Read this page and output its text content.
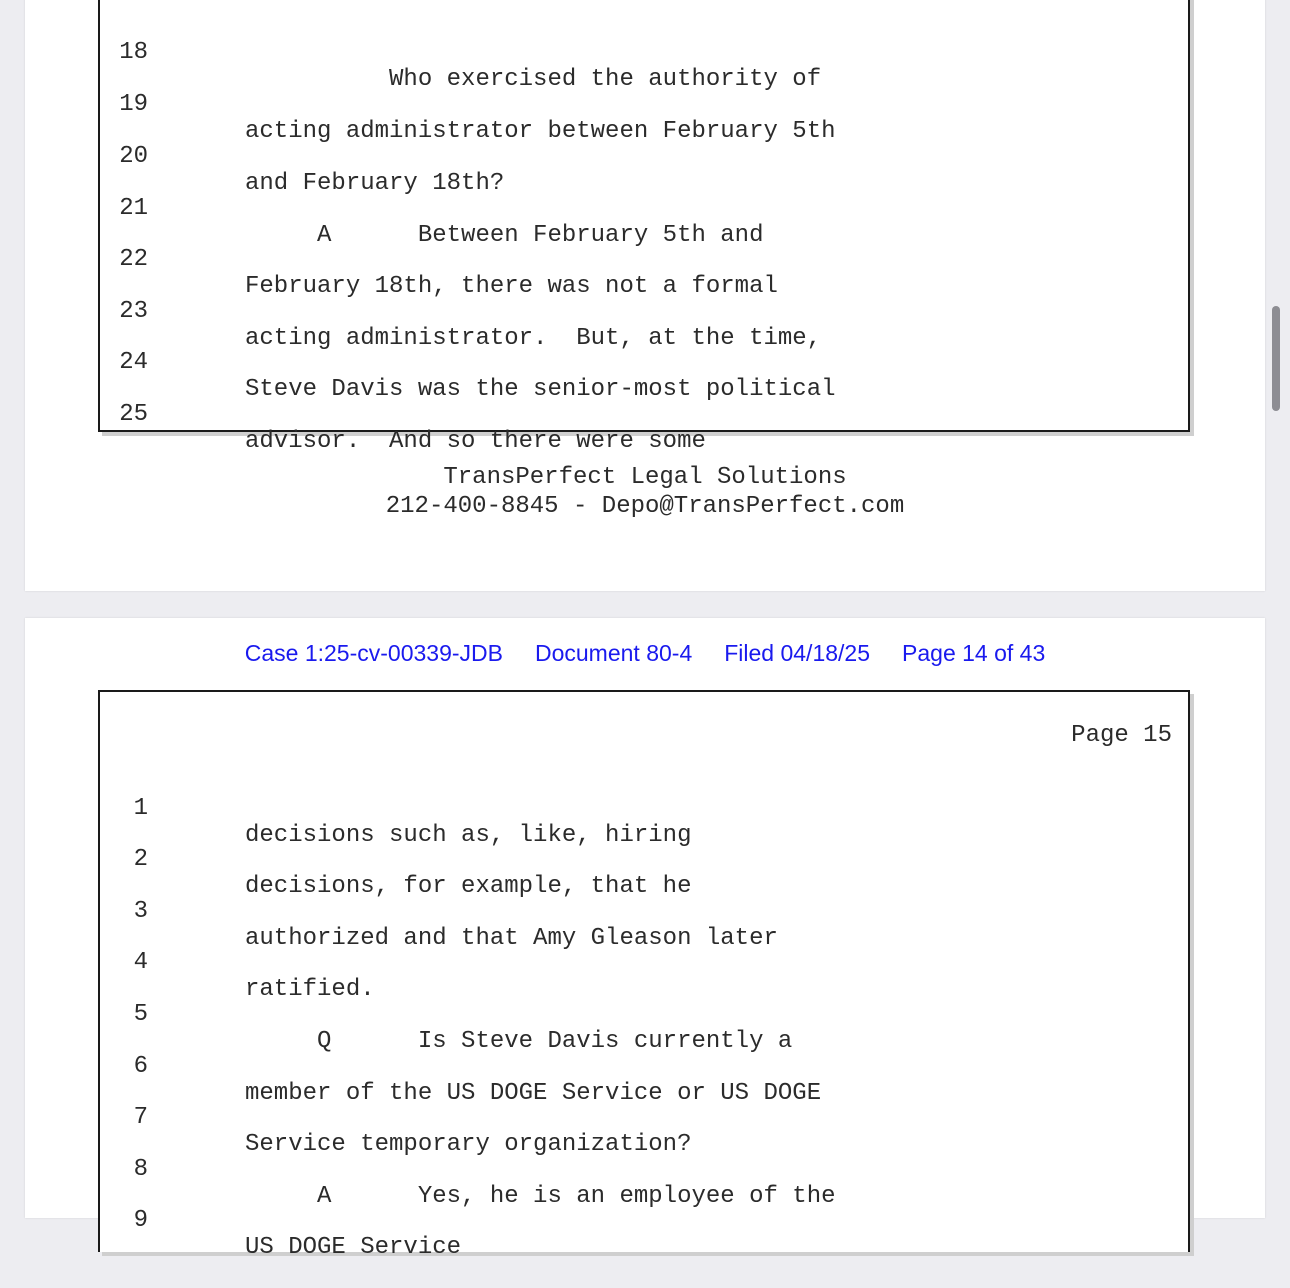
18

Who exercised the authority of

19

acting administrator between February 5th

20

and February 18th?

21

A      Between February 5th and

22

February 18th, there was not a formal

23

acting administrator.  But, at the time,

24

Steve Davis was the senior-most political

25

advisor.  And so there were some

TransPerfect Legal Solutions
212-400-8845 - Depo@TransPerfect.com
Case 1:25-cv-00339-JDB Document 80-4 Filed 04/18/25 Page 14 of 43
Page 15

1

decisions such as, like, hiring

2

decisions, for example, that he

3

authorized and that Amy Gleason later

4

ratified.

5

Q      Is Steve Davis currently a

6

member of the US DOGE Service or US DOGE

7

Service temporary organization?

8

A      Yes, he is an employee of the

9

US DOGE Service
